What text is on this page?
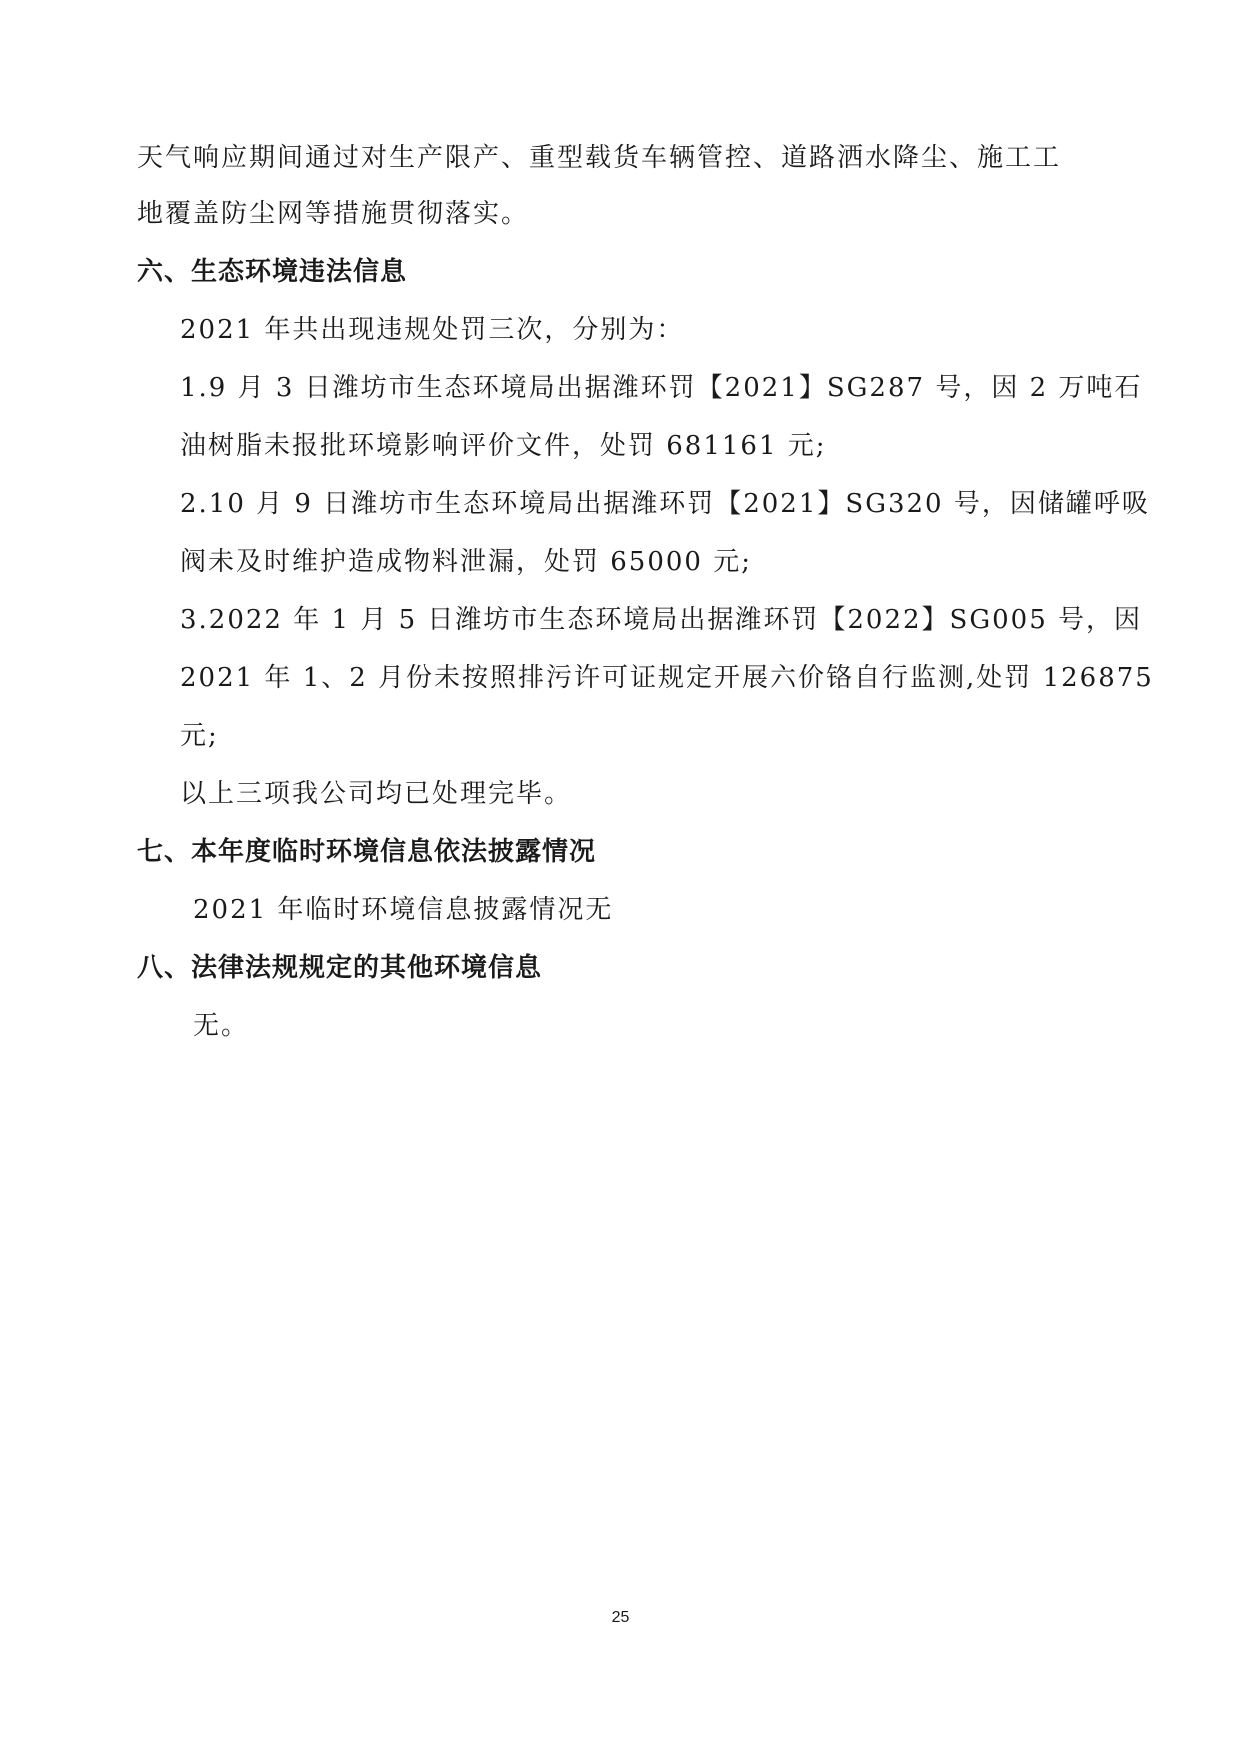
天气响应期间通过对生产限产、重型载货车辆管控、道路洒水降尘、施工工
地覆盖防尘网等措施贯彻落实。
六、生态环境违法信息
2021 年共出现违规处罚三次，分别为：
1.9 月 3 日潍坊市生态环境局出据潍环罚【2021】SG287 号，因 2 万吨石
油树脂未报批环境影响评价文件，处罚 681161 元;
2.10 月 9 日潍坊市生态环境局出据潍环罚【2021】SG320 号，因储罐呼吸
阀未及时维护造成物料泄漏，处罚 65000 元;
3.2022 年 1 月 5 日潍坊市生态环境局出据潍环罚【2022】SG005 号，因
2021 年 1、2 月份未按照排污许可证规定开展六价铬自行监测,处罚 126875
元;
以上三项我公司均已处理完毕。
七、本年度临时环境信息依法披露情况
2021 年临时环境信息披露情况无
八、法律法规规定的其他环境信息
无。
25
